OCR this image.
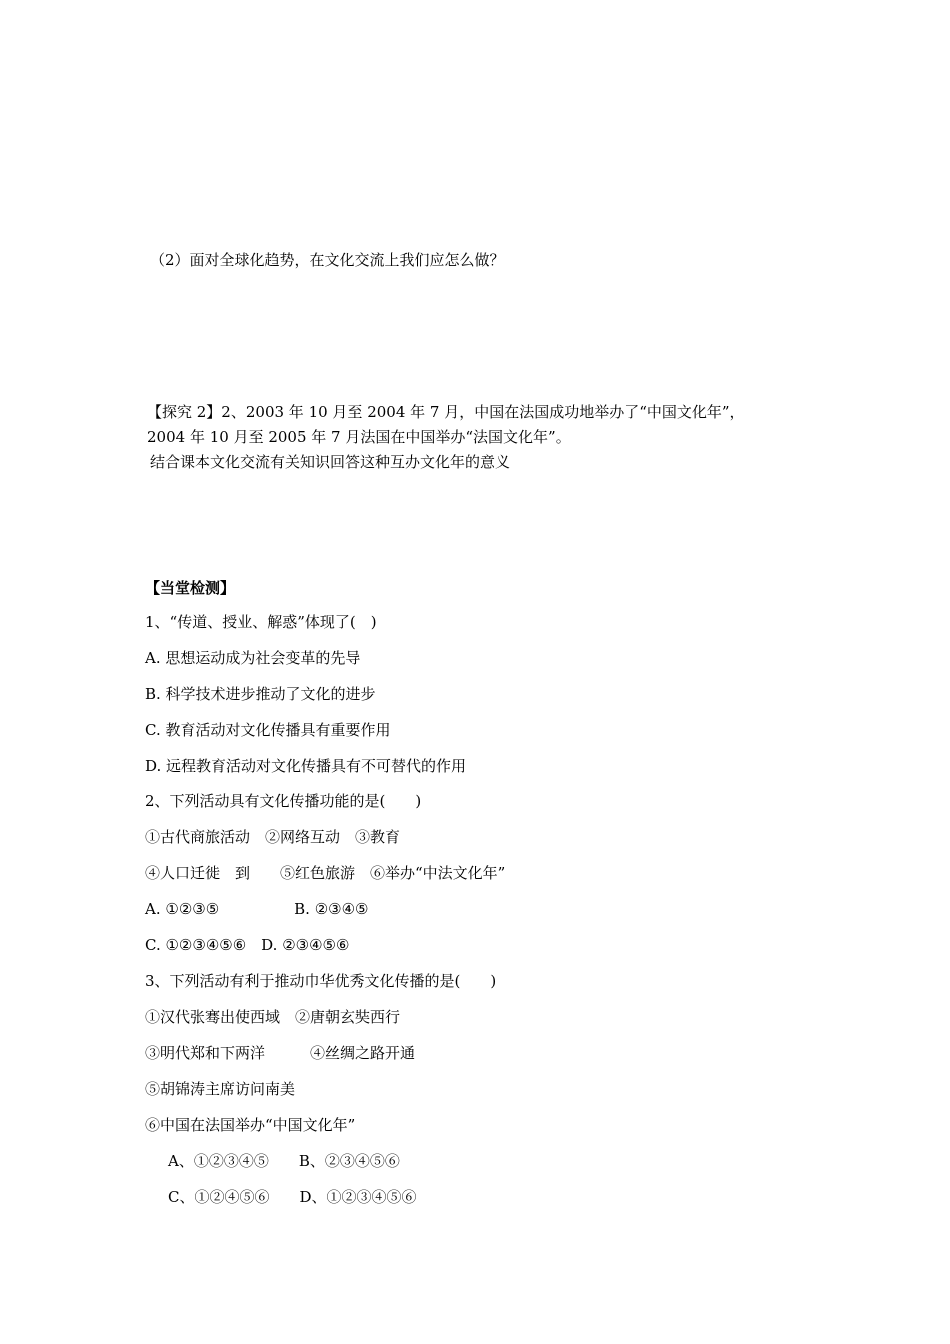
（2）面对全球化趋势，在文化交流上我们应怎么做？
【探究 2】2、2003 年 10 月至 2004 年 7 月，中国在法国成功地举办了“中国文化年”，
2004 年 10 月至 2005 年 7 月法国在中国举办“法国文化年”。
结合课本文化交流有关知识回答这种互办文化年的意义
【当堂检测】
1、“传道、授业、解惑”体现了(　)
A. 思想运动成为社会变革的先导
B. 科学技术进步推动了文化的进步
C. 教育活动对文化传播具有重要作用
D. 远程教育活动对文化传播具有不可替代的作用
2、下列活动具有文化传播功能的是(　　)
①古代商旅活动　②网络互动　③教育
④人口迁徙　到　　⑤红色旅游　⑥举办“中法文化年”
A. ①②③⑤　　　　　B. ②③④⑤
C. ①②③④⑤⑥　D. ②③④⑤⑥
3、下列活动有利于推动巾华优秀文化传播的是(　　)
①汉代张骞出使西域　②唐朝玄奘西行
③明代郑和下两洋　　　④丝绸之路开通
⑤胡锦涛主席访问南美
⑥中国在法国举办“中国文化年”
A、①②③④⑤　　B、②③④⑤⑥
C、①②④⑤⑥　　D、①②③④⑤⑥
